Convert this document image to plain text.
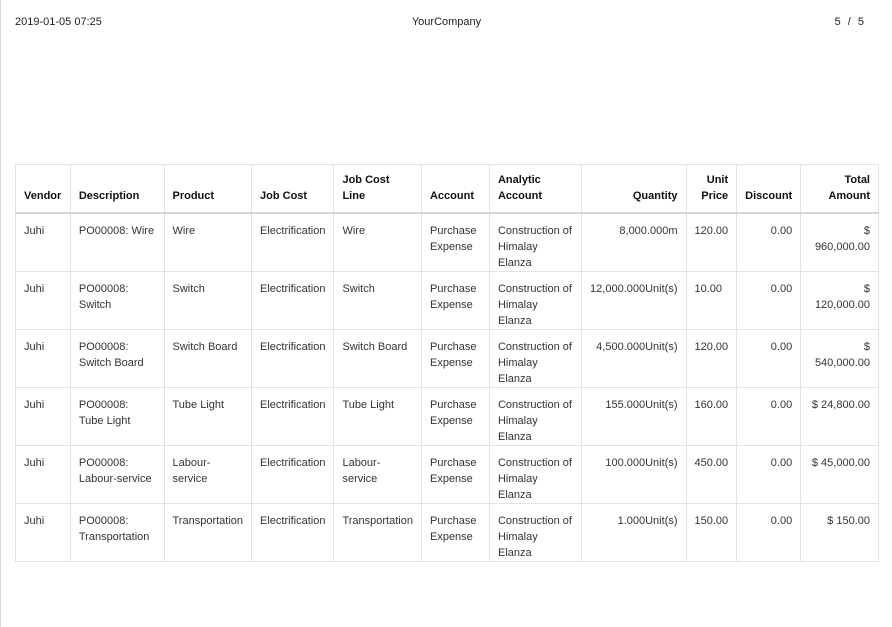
2019-01-05 07:25	YourCompany	5 / 5
Vendor	Description	Product	Job Cost	Job Cost Line	Account	Analytic Account	Quantity	Unit Price	Discount	Total Amount
Juhi	PO00008: Wire	Wire	Electrification	Wire	Purchase Expense	Construction of Himalay Elanza	8,000.000m	120.00	0.00	$ 960,000.00
Juhi	PO00008: Switch	Switch	Electrification	Switch	Purchase Expense	Construction of Himalay Elanza	12,000.000Unit(s)	10.00	0.00	$ 120,000.00
Juhi	PO00008: Switch Board	Switch Board	Electrification	Switch Board	Purchase Expense	Construction of Himalay Elanza	4,500.000Unit(s)	120.00	0.00	$ 540,000.00
Juhi	PO00008: Tube Light	Tube Light	Electrification	Tube Light	Purchase Expense	Construction of Himalay Elanza	155.000Unit(s)	160.00	0.00	$ 24,800.00
Juhi	PO00008: Labour-service	Labour-service	Electrification	Labour-service	Purchase Expense	Construction of Himalay Elanza	100.000Unit(s)	450.00	0.00	$ 45,000.00
Juhi	PO00008: Transportation	Transportation	Electrification	Transportation	Purchase Expense	Construction of Himalay Elanza	1.000Unit(s)	150.00	0.00	$ 150.00
